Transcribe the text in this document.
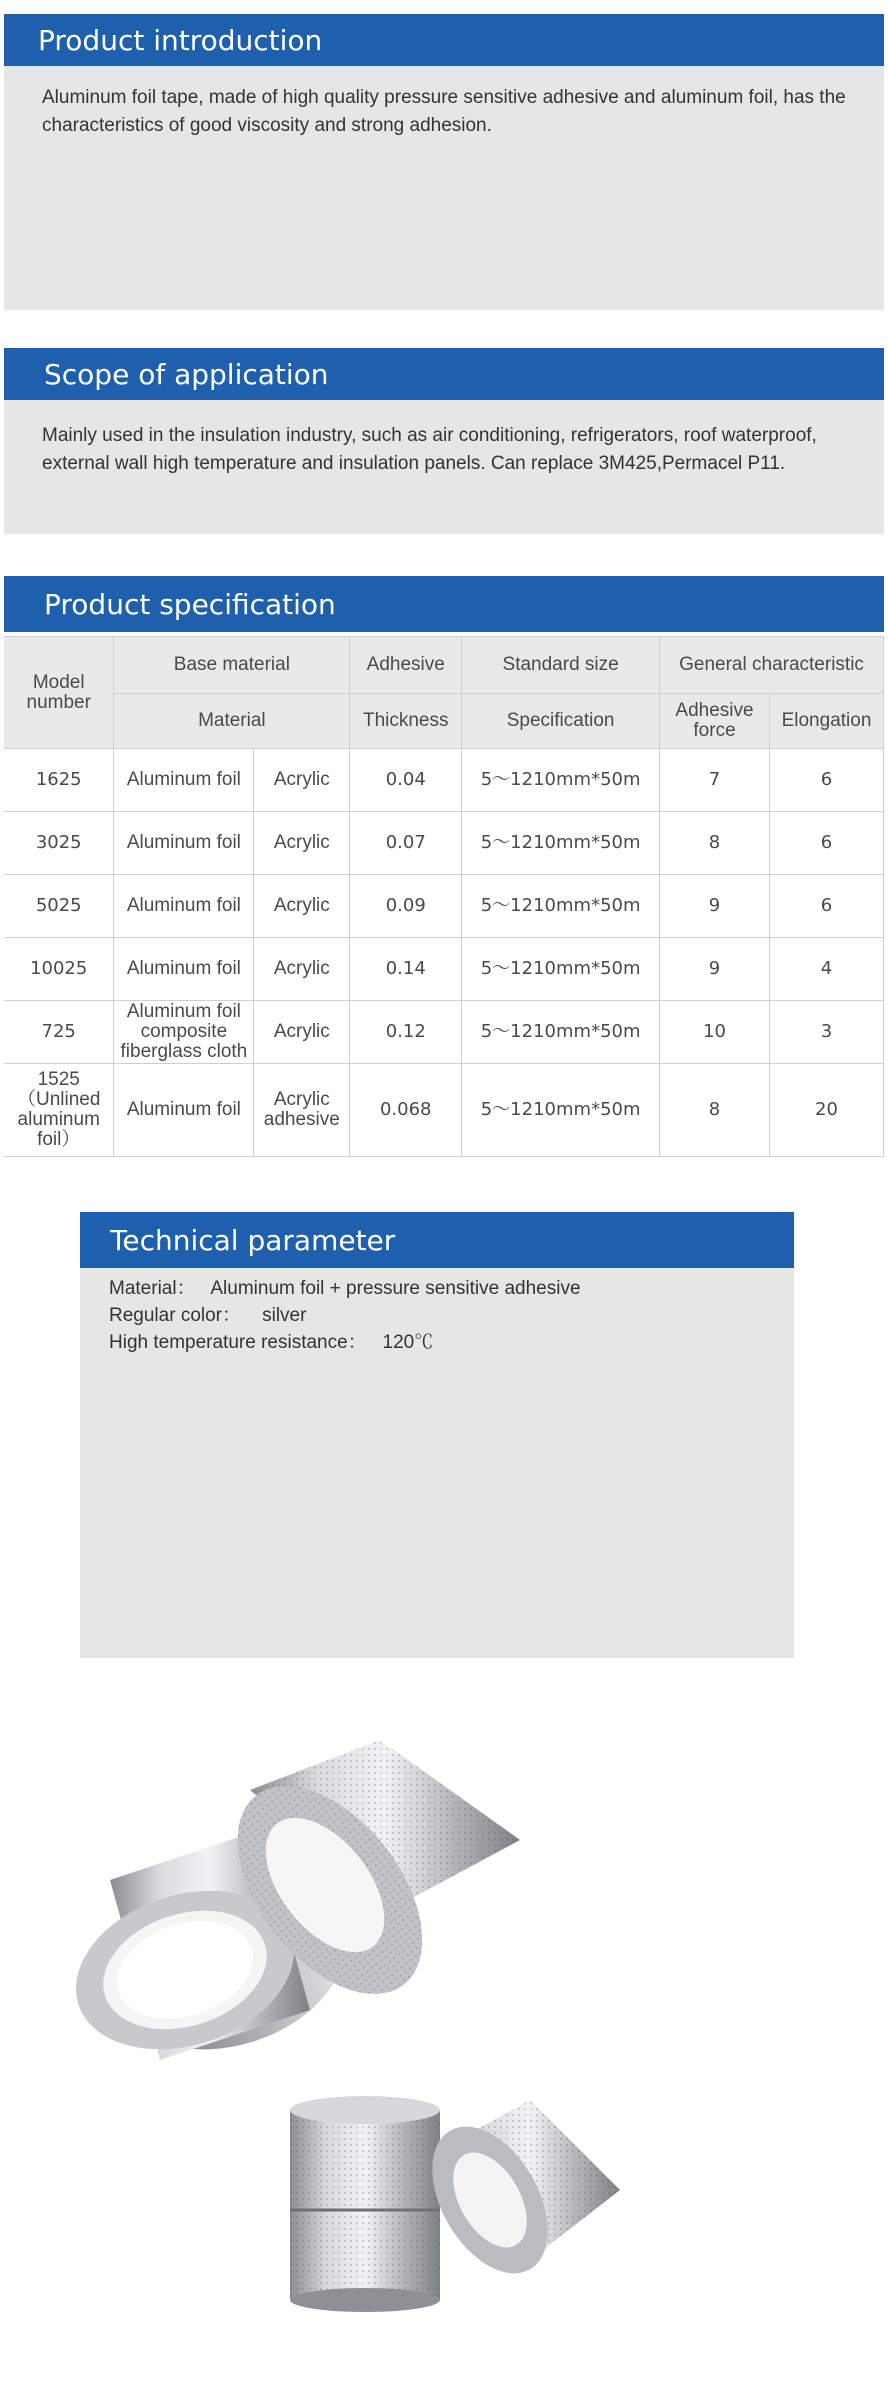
Product introduction
Aluminum foil tape, made of high quality pressure sensitive adhesive and aluminum foil, has the characteristics of good viscosity and strong adhesion.
Scope of application
Mainly used in the insulation industry, such as air conditioning, refrigerators, roof waterproof, external wall high temperature and insulation panels. Can replace 3M425,Permacel P11.
Product specification
Model number	Base material		Adhesive	Standard size	General characteristic	
	Material		Thickness	Specification	Adhesive force	Elongation
1625	Aluminum foil	Acrylic	0.04	5～1210mm*50m	7	6
3025	Aluminum foil	Acrylic	0.07	5～1210mm*50m	8	6
5025	Aluminum foil	Acrylic	0.09	5～1210mm*50m	9	6
10025	Aluminum foil	Acrylic	0.14	5～1210mm*50m	9	4
725	Aluminum foil composite fiberglass cloth	Acrylic	0.12	5～1210mm*50m	10	3
1525 （Unlined aluminum foil）	Aluminum foil	Acrylic adhesive	0.068	5～1210mm*50m	8	20
Technical parameter
Material：   Aluminum foil + pressure sensitive adhesive
Regular color：    silver
High temperature resistance：   120℃
